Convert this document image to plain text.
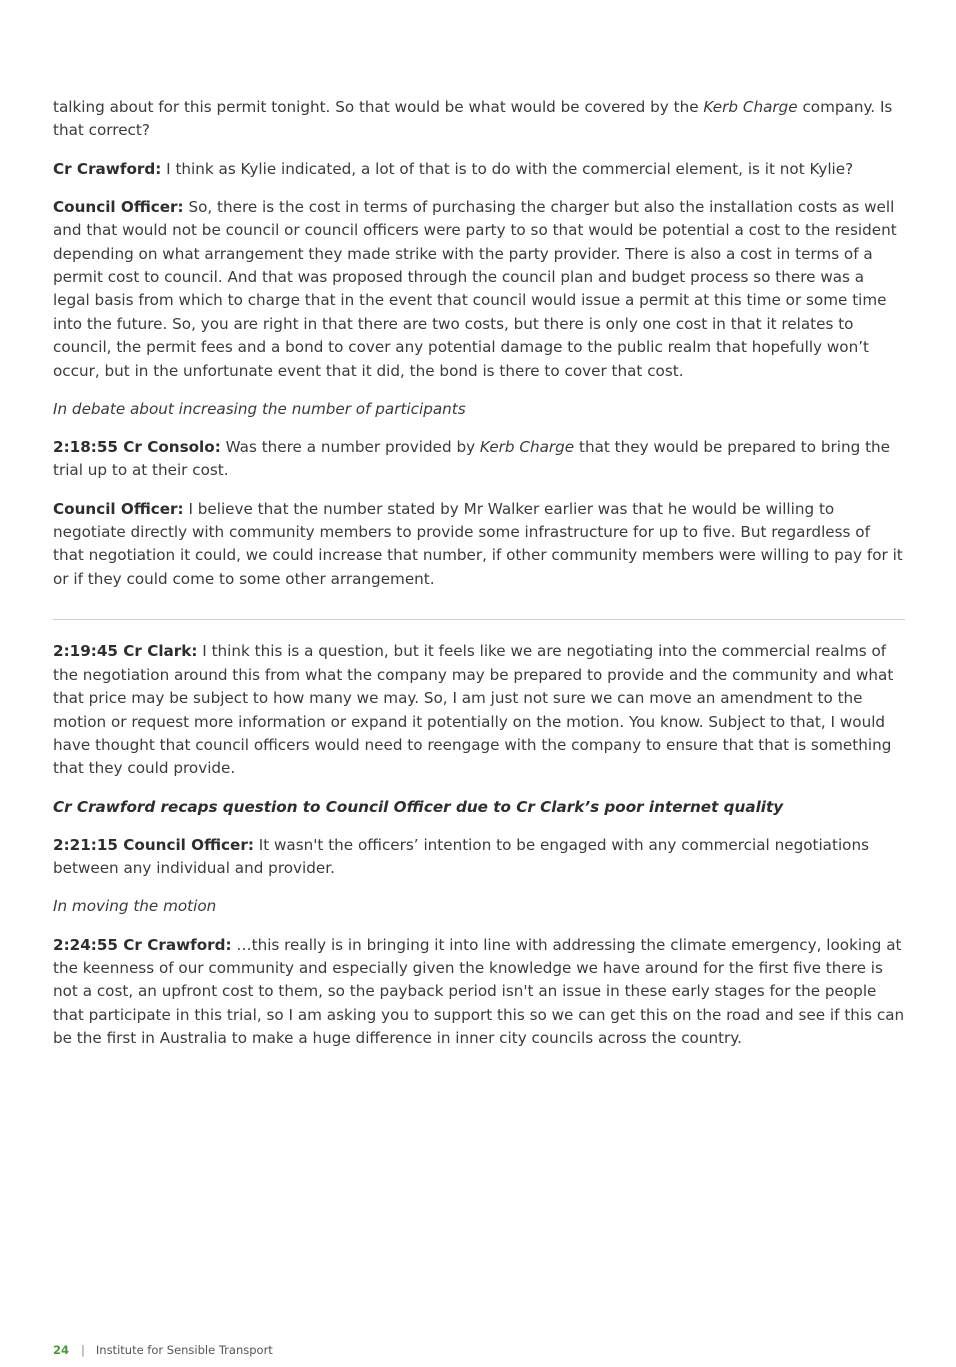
talking about for this permit tonight. So that would be what would be covered by the Kerb Charge company. Is that correct?

Cr Crawford: I think as Kylie indicated, a lot of that is to do with the commercial element, is it not Kylie?

Council Officer: So, there is the cost in terms of purchasing the charger but also the installation costs as well and that would not be council or council officers were party to so that would be potential a cost to the resident depending on what arrangement they made strike with the party provider. There is also a cost in terms of a permit cost to council. And that was proposed through the council plan and budget process so there was a legal basis from which to charge that in the event that council would issue a permit at this time or some time into the future. So, you are right in that there are two costs, but there is only one cost in that it relates to council, the permit fees and a bond to cover any potential damage to the public realm that hopefully won’t occur, but in the unfortunate event that it did, the bond is there to cover that cost.

In debate about increasing the number of participants

2:18:55 Cr Consolo: Was there a number provided by Kerb Charge that they would be prepared to bring the trial up to at their cost.

Council Officer: I believe that the number stated by Mr Walker earlier was that he would be willing to negotiate directly with community members to provide some infrastructure for up to five. But regardless of that negotiation it could, we could increase that number, if other community members were willing to pay for it or if they could come to some other arrangement.

2:19:45 Cr Clark: I think this is a question, but it feels like we are negotiating into the commercial realms of the negotiation around this from what the company may be prepared to provide and the community and what that price may be subject to how many we may. So, I am just not sure we can move an amendment to the motion or request more information or expand it potentially on the motion. You know. Subject to that, I would have thought that council officers would need to reengage with the company to ensure that that is something that they could provide.

Cr Crawford recaps question to Council Officer due to Cr Clark’s poor internet quality

2:21:15 Council Officer: It wasn't the officers’ intention to be engaged with any commercial negotiations between any individual and provider.

In moving the motion

2:24:55 Cr Crawford: …this really is in bringing it into line with addressing the climate emergency, looking at the keenness of our community and especially given the knowledge we have around for the first five there is not a cost, an upfront cost to them, so the payback period isn't an issue in these early stages for the people that participate in this trial, so I am asking you to support this so we can get this on the road and see if this can be the first in Australia to make a huge difference in inner city councils across the country.

24 | Institute for Sensible Transport
